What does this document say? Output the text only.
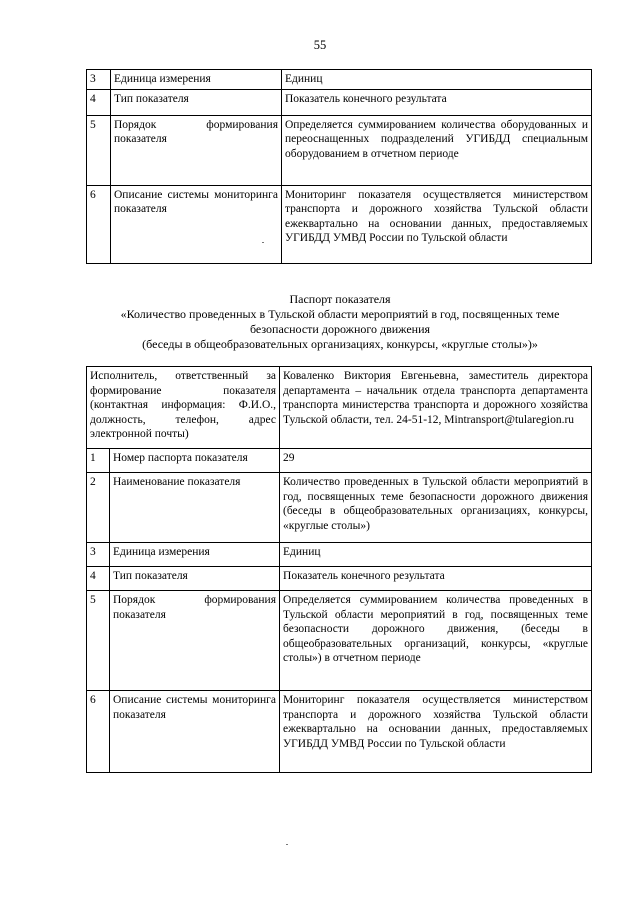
55
3	Единица измерения	Единиц
4	Тип показателя	Показатель конечного результата
5	Порядок формирования показателя	Определяется суммированием количества оборудованных и переоснащенных подразделений УГИБДД специальным оборудованием в отчетном периоде
6	Описание системы мониторинга показателя	Мониторинг показателя осуществляется министерством транспорта и дорожного хозяйства Тульской области ежеквартально на основании данных, предоставляемых УГИБДД УМВД России по Тульской области
Паспорт показателя
«Количество проведенных в Тульской области мероприятий в год, посвященных теме
безопасности дорожного движения
(беседы в общеобразовательных организациях, конкурсы, «круглые столы»)»
Исполнитель, ответственный за формирование показателя (контактная информация: Ф.И.О., должность, телефон, адрес электронной почты)		Коваленко Виктория Евгеньевна, заместитель директора департамента – начальник отдела транспорта департамента транспорта министерства транспорта и дорожного хозяйства Тульской области, тел. 24-51-12, Mintransport@tularegion.ru
1	Номер паспорта показателя	29
2	Наименование показателя	Количество проведенных в Тульской области мероприятий в год, посвященных теме безопасности дорожного движения (беседы в общеобразовательных организациях, конкурсы, «круглые столы»)
3	Единица измерения	Единиц
4	Тип показателя	Показатель конечного результата
5	Порядок формирования показателя	Определяется суммированием количества проведенных в Тульской области мероприятий в год, посвященных теме безопасности дорожного движения, (беседы в общеобразовательных организаций, конкурсы, «круглые столы») в отчетном периоде
6	Описание системы мониторинга показателя	Мониторинг показателя осуществляется министерством транспорта и дорожного хозяйства Тульской области ежеквартально на основании данных, предоставляемых УГИБДД УМВД России по Тульской области
